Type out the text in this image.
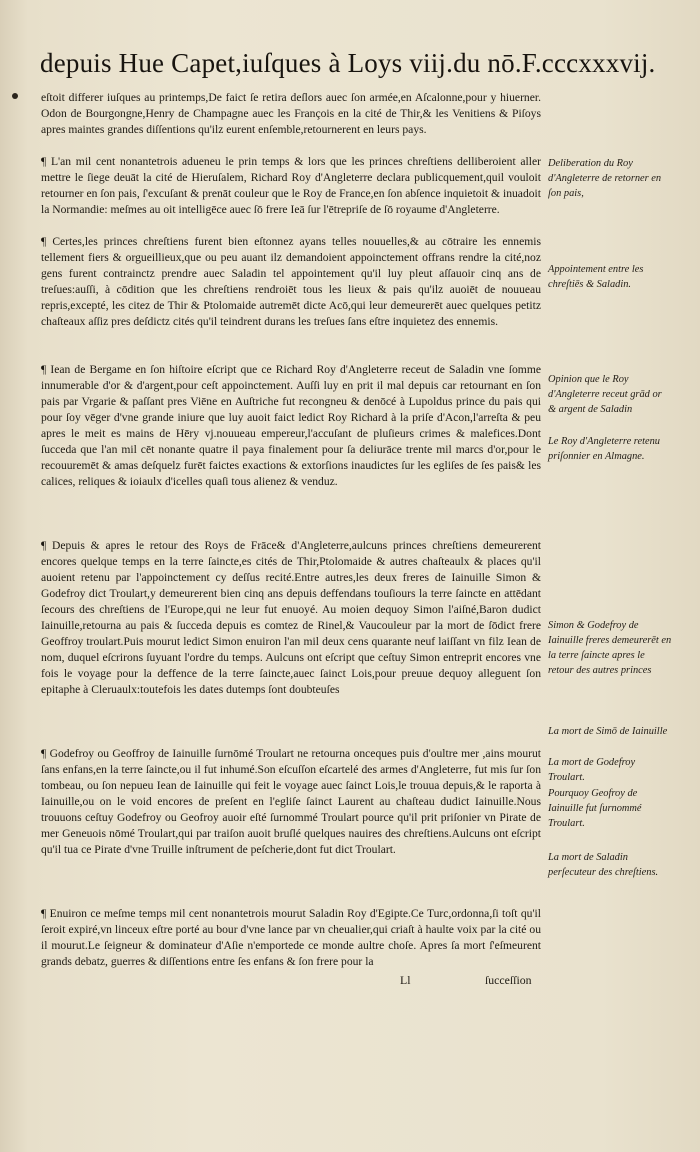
depuis Hue Capet,iuſques à Loys viij.du nō.F.cccxxxvij.

eſtoit differer iuſques au printemps,De faict ſe retira deſlors auec ſon armée,en Aſcalonne,pour y hiuerner. Odon de Bourgongne,Henry de Champagne auec les François en la cité de Thir,& les Venitiens & Piſoys apres maintes grandes diſſentions qu'ilz eurent enſemble,retournerent en leurs pays.

¶ L'an mil cent nonantetrois adueneu le prin temps & lors que les princes chreſtiens delliberoient aller mettre le ſiege deuāt la cité de Hieruſalem, Richard Roy d'Angleterre declara publicquement,quil vouloit retourner en ſon pais, ſ'excuſant & prenāt couleur que le Roy de France,en ſon abſence inquietoit & inuadoit la Normandie: meſmes au oit intelligēce auec ſō frere Ieā ſur l'ētrepriſe de ſō royaume d'Angleterre.

¶ Certes,les princes chreſtiens furent bien eſtonnez ayans telles nouuelles,& au cōtraire les ennemis tellement fiers & orgueillieux,que ou peu auant ilz demandoient appoinctement offrans rendre la cité,noz gens furent contrainctz prendre auec Saladin tel appointement qu'il luy pleut aſſauoir cinq ans de treſues:auſſi, à cōdition que les chreſtiens rendroiēt tous les lieux & pais qu'ilz auoiēt de nouueau repris,excepté, les citez de Thir & Ptolomaide autremēt dicte Acō,qui leur demeurerēt auec quelques petitz chaſteaux aſſiz pres deſdictz cités qu'il teindrent durans les treſues ſans eſtre inquietez des ennemis.

¶ Iean de Bergame en ſon hiſtoire eſcript que ce Richard Roy d'Angleterre receut de Saladin vne ſomme innumerable d'or & d'argent,pour ceſt appoinctement. Auſſi luy en prit il mal depuis car retournant en ſon pais par Vrgarie & paſſant pres Viēne en Auſtriche fut recongneu & denōcé à Lupoldus prince du pais qui pour ſoy vēger d'vne grande iniure que luy auoit faict ledict Roy Richard à la priſe d'Acon,l'arreſta & peu apres le meit es mains de Hēry vj.nouueau empereur,l'accuſant de pluſieurs crimes & malefices.Dont ſucceda que l'an mil cēt nonante quatre il paya finalement pour ſa deliurāce trente mil marcs d'or,pour le recouuremēt & amas deſquelz furēt faictes exactions & extorſions inaudictes ſur les egliſes de ſes pais& les calices, reliques & ioiaulx d'icelles quaſi tous alienez & venduz.

¶ Depuis & apres le retour des Roys de Frāce& d'Angleterre,aulcuns princes chreſtiens demeurerent encores quelque temps en la terre ſaincte,es cités de Thir,Ptolomaide & autres chaſteaulx & places qu'il auoient retenu par l'appoinctement cy deſſus recité.Entre autres,les deux freres de Iainuille Simon & Godefroy dict Troulart,y demeurerent bien cinq ans depuis deffendans touſiours la terre ſaincte en attēdant ſecours des chreſtiens de l'Europe,qui ne leur fut enuoyé. Au moien dequoy Simon l'aiſné,Baron dudict Iainuille,retourna au pais & ſucceda depuis es comtez de Rinel,& Vaucouleur par la mort de ſōdict frere Geoffroy troulart.Puis mourut ledict Simon enuiron l'an mil deux cens quarante neuf laiſſant vn filz Iean de nom, duquel eſcrirons ſuyuant l'ordre du temps. Aulcuns ont eſcript que ceſtuy Simon entreprit encores vne fois le voyage pour la deffence de la terre ſaincte,auec ſainct Lois,pour preuue dequoy alleguent ſon epitaphe à Cleruaulx:toutefois les dates dutemps ſont doubteuſes

¶ Godefroy ou Geoffroy de Iainuille ſurnōmé Troulart ne retourna onceques puis d'oultre mer ,ains mourut ſans enfans,en la terre ſaincte,ou il fut inhumé.Son eſcuſſon eſcartelé des armes d'Angleterre, fut mis ſur ſon tombeau, ou ſon nepueu Iean de Iainuille qui feit le voyage auec ſainct Lois,le trouua depuis,& le raporta à Iainuille,ou on le void encores de preſent en l'egliſe ſainct Laurent au chaſteau dudict Iainuille.Nous trouuons ceſtuy Godefroy ou Geofroy auoir eſté ſurnommé Troulart pource qu'il prit priſonier vn Pirate de mer Geneuois nōmé Troulart,qui par traiſon auoit bruſlé quelques nauires des chreſtiens.Aulcuns ont eſcript qu'il tua ce Pirate d'vne Truille inſtrument de peſcherie,dont fut dict Troulart.

¶ Enuiron ce meſme temps mil cent nonantetrois mourut Saladin Roy d'Egipte.Ce Turc,ordonna,ſi toſt qu'il ſeroit expiré,vn linceux eſtre porté au bour d'vne lance par vn cheualier,qui criaſt à haulte voix par la cité ou il mourut.Le ſeigneur & dominateur d'Aſie n'emportede ce monde aultre choſe. Apres ſa mort ſ'eſmeurent grands debatz, guerres & diſſentions entre ſes enfans & ſon frere pour la

Deliberation du Roy d'Angleterre de retorner en ſon pais,
Appointement entre les chreſtiēs & Saladin.
Opinion que le Roy d'Angleterre receut grād or & argent de Saladin
Le Roy d'Angleterre retenu priſonnier en Almagne.
Simon & Godefroy de Iainuille freres demeurerēt en la terre ſaincte apres le retour des autres princes
La mort de Simō de Iainuille
La mort de Godefroy Troulart.
Pourquoy Geofroy de Iainuille fut ſurnommé Troulart.
La mort de Saladin perſecuteur des chreſtiens.
Ll	ſucceſſion
